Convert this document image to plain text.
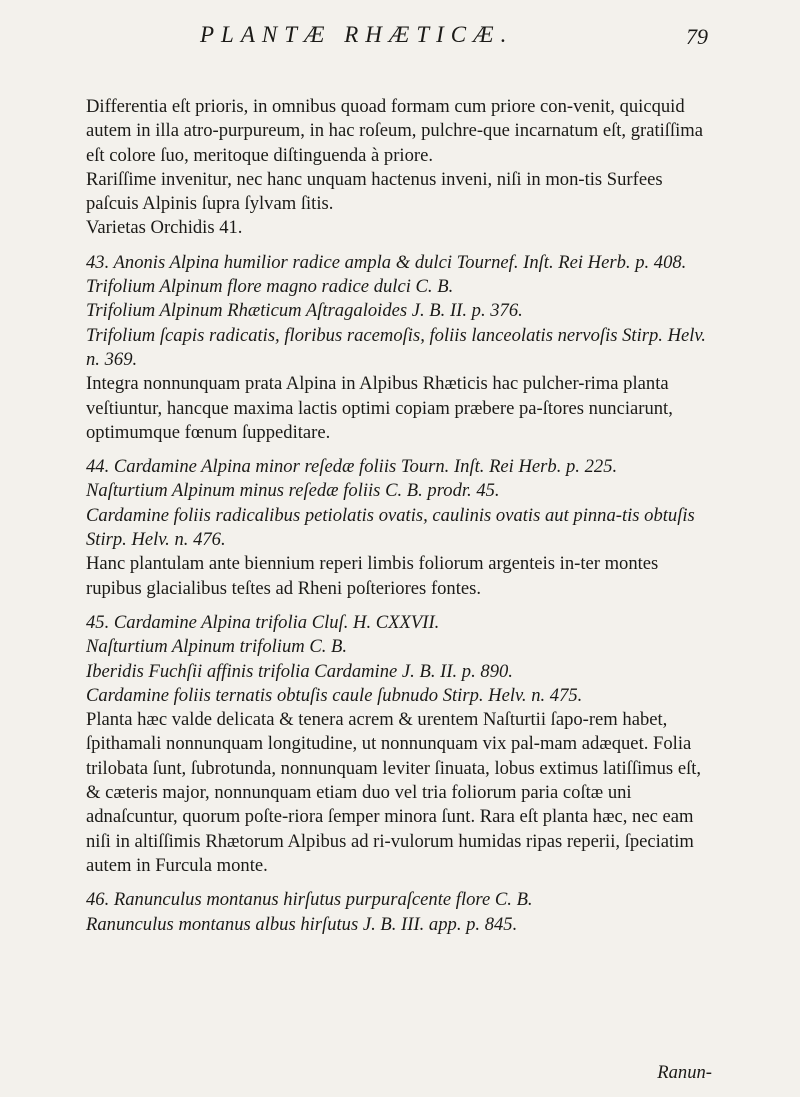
PLANTÆ RHÆTICÆ.	79

Differentia eſt prioris, in omnibus quoad formam cum priore con-venit, quicquid autem in illa atro-purpureum, in hac roſeum, pulchre-que incarnatum eſt, gratiſſima eſt colore ſuo, meritoque diſtinguenda à priore.

Rariſſime invenitur, nec hanc unquam hactenus inveni, niſi in mon-tis Surfees paſcuis Alpinis ſupra ſylvam ſitis.

Varietas Orchidis 41.

43. Anonis Alpina humilior radice ampla & dulci Tournef. Inſt. Rei Herb. p. 408.

Trifolium Alpinum flore magno radice dulci C. B.

Trifolium Alpinum Rhæticum Aſtragaloides J. B. II. p. 376.

Trifolium ſcapis radicatis, floribus racemoſis, foliis lanceolatis nervoſis Stirp. Helv. n. 369.

Integra nonnunquam prata Alpina in Alpibus Rhæticis hac pulcher-rima planta veſtiuntur, hancque maxima lactis optimi copiam præbere pa-ſtores nunciarunt, optimumque fœnum ſuppeditare.

44. Cardamine Alpina minor reſedæ foliis Tourn. Inſt. Rei Herb. p. 225.

Naſturtium Alpinum minus reſedæ foliis C. B. prodr. 45.

Cardamine foliis radicalibus petiolatis ovatis, caulinis ovatis aut pinna-tis obtuſis Stirp. Helv. n. 476.

Hanc plantulam ante biennium reperi limbis foliorum argenteis in-ter montes rupibus glacialibus teſtes ad Rheni poſteriores fontes.

45. Cardamine Alpina trifolia Cluſ. H. CXXVII.

Naſturtium Alpinum trifolium C. B.

Iberidis Fuchſii affinis trifolia Cardamine J. B. II. p. 890.

Cardamine foliis ternatis obtuſis caule ſubnudo Stirp. Helv. n. 475.

Planta hæc valde delicata & tenera acrem & urentem Naſturtii ſapo-rem habet, ſpithamali nonnunquam longitudine, ut nonnunquam vix pal-mam adæquet. Folia trilobata ſunt, ſubrotunda, nonnunquam leviter ſinuata, lobus extimus latiſſimus eſt, & cæteris major, nonnunquam etiam duo vel tria foliorum paria coſtæ uni adnaſcuntur, quorum poſte-riora ſemper minora ſunt. Rara eſt planta hæc, nec eam niſi in altiſſimis Rhætorum Alpibus ad ri-vulorum humidas ripas reperii, ſpeciatim autem in Furcula monte.

46. Ranunculus montanus hirſutus purpuraſcente flore C. B.

Ranunculus montanus albus hirſutus J. B. III. app. p. 845.

Ranun-
